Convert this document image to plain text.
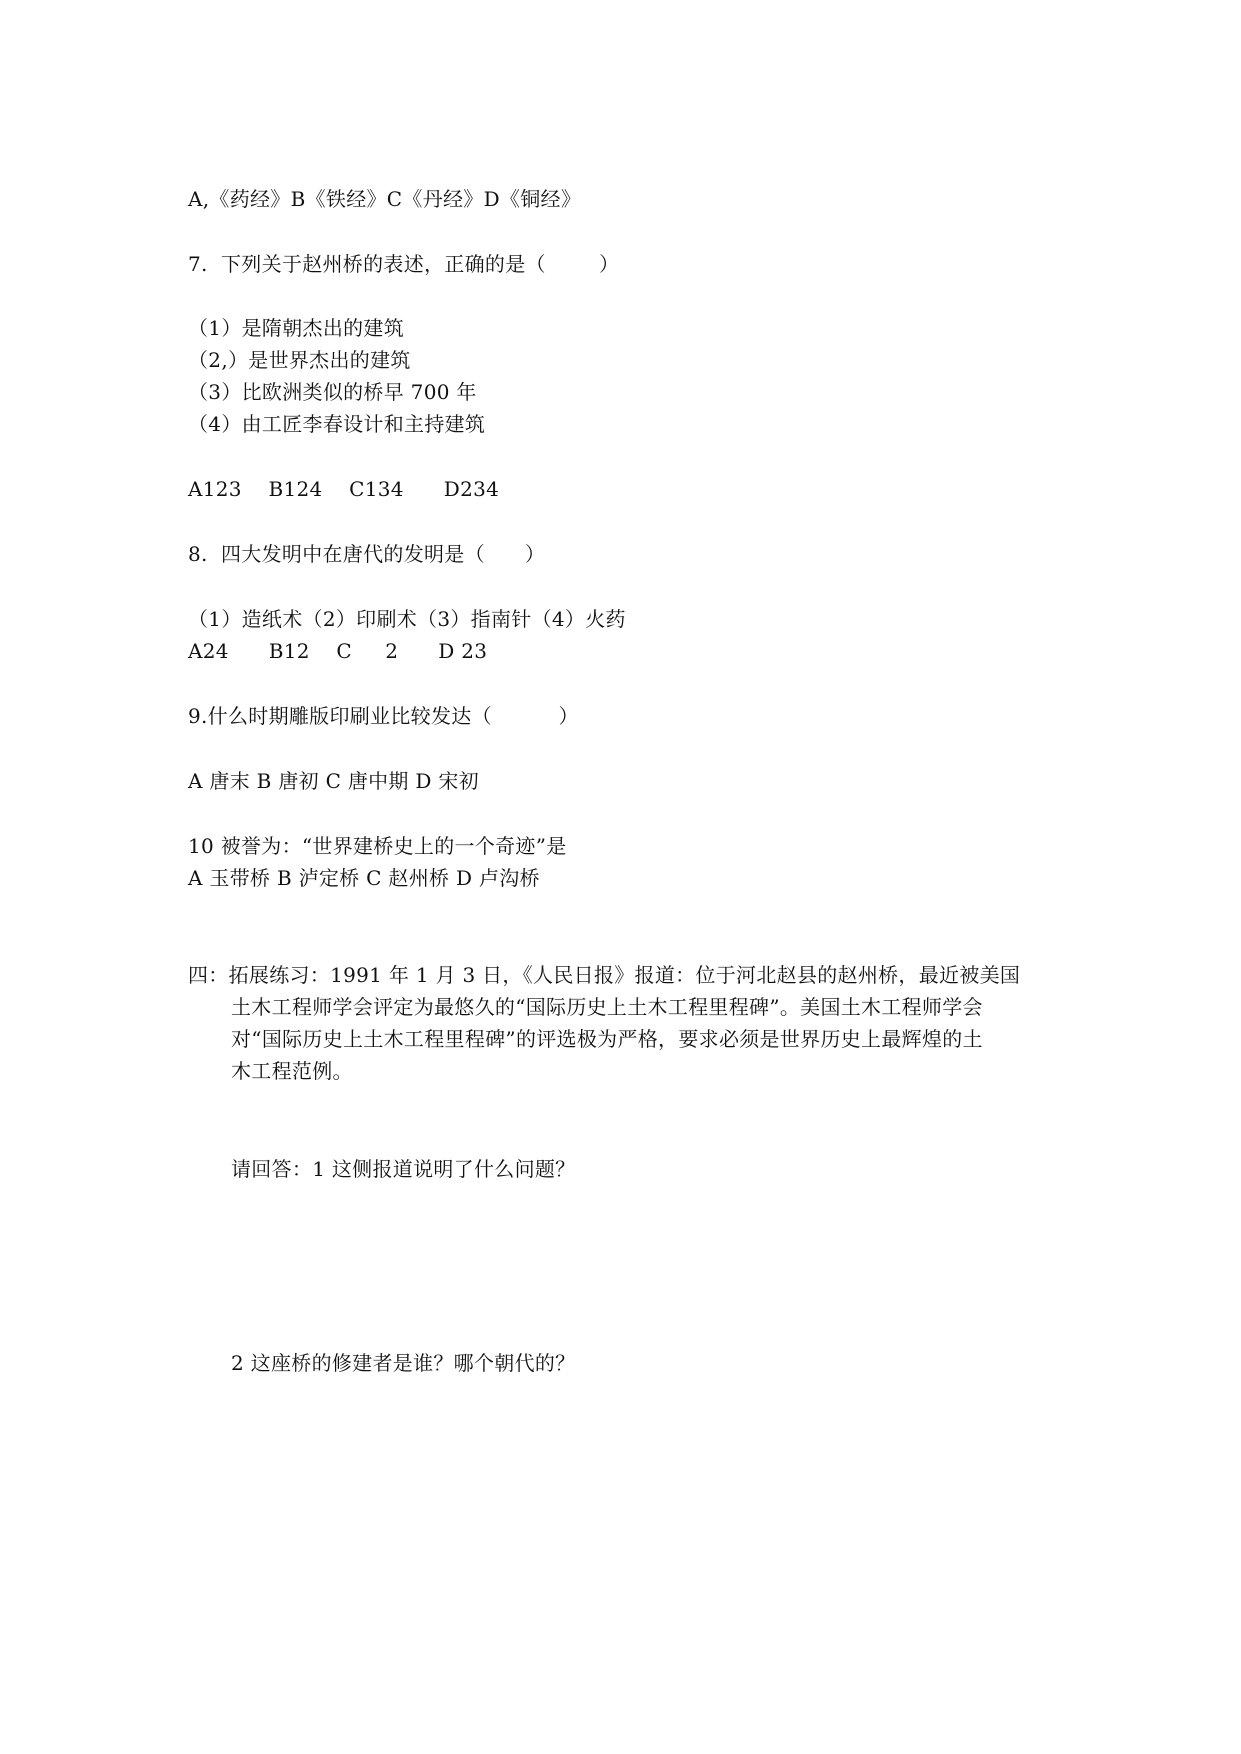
A,《药经》B《铁经》C《丹经》D《铜经》
7.  下列关于赵州桥的表述，正确的是（        ）
（1）是隋朝杰出的建筑
（2,）是世界杰出的建筑
（3）比欧洲类似的桥早 700 年
（4）由工匠李春设计和主持建筑
A123    B124    C134      D234
8.  四大发明中在唐代的发明是（      ）
（1）造纸术（2）印刷术（3）指南针（4）火药
A24      B12    C     2      D 23
9.什么时期雕版印刷业比较发达（          ）
A 唐末 B 唐初 C 唐中期 D 宋初
10 被誉为：“世界建桥史上的一个奇迹”是
A 玉带桥 B 泸定桥 C 赵州桥 D 卢沟桥
四：拓展练习：1991 年 1 月 3 日，《人民日报》报道：位于河北赵县的赵州桥，最近被美国
土木工程师学会评定为最悠久的“国际历史上土木工程里程碑”。美国土木工程师学会
对“国际历史上土木工程里程碑”的评选极为严格，要求必须是世界历史上最辉煌的土
木工程范例。
请回答：1 这侧报道说明了什么问题？
2 这座桥的修建者是谁？哪个朝代的？
